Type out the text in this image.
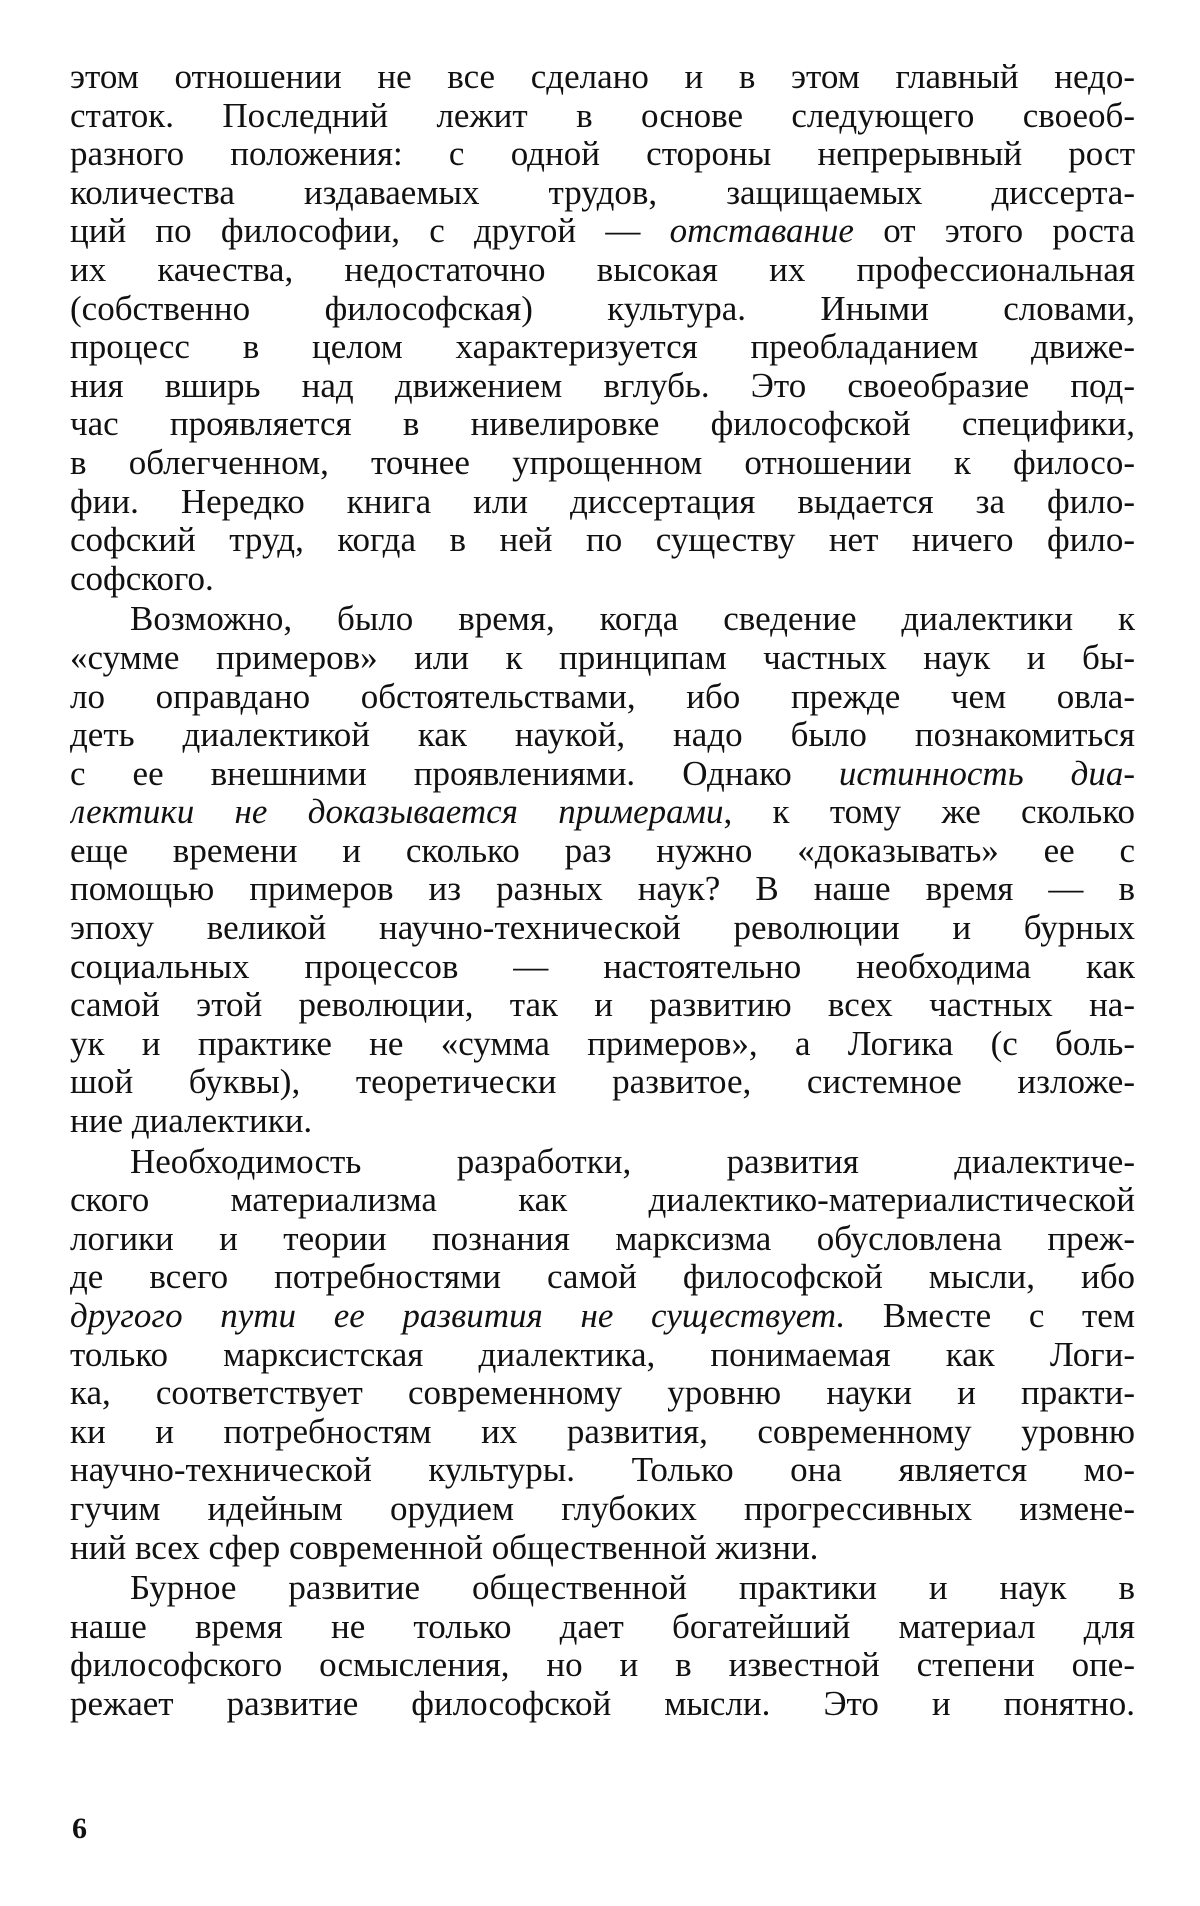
этом отношении не все сделано и в этом главный недо-
статок. Последний лежит в основе следующего своеоб-
разного положения: с одной стороны непрерывный рост
количества издаваемых трудов, защищаемых диссерта-
ций по философии, с другой — отставание от этого роста
их качества, недостаточно высокая их профессиональная
(собственно философская) культура. Иными словами,
процесс в целом характеризуется преобладанием движе-
ния вширь над движением вглубь. Это своеобразие под-
час проявляется в нивелировке философской специфики,
в облегченном, точнее упрощенном отношении к филосо-
фии. Нередко книга или диссертация выдается за фило-
софский труд, когда в ней по существу нет ничего фило-
софского.
Возможно, было время, когда сведение диалектики к
«сумме примеров» или к принципам частных наук и бы-
ло оправдано обстоятельствами, ибо прежде чем овла-
деть диалектикой как наукой, надо было познакомиться
с ее внешними проявлениями. Однако истинность диа-
лектики не доказывается примерами, к тому же сколько
еще времени и сколько раз нужно «доказывать» ее с
помощью примеров из разных наук? В наше время — в
эпоху великой научно-технической революции и бурных
социальных процессов — настоятельно необходима как
самой этой революции, так и развитию всех частных на-
ук и практике не «сумма примеров», а Логика (с боль-
шой буквы), теоретически развитое, системное изложе-
ние диалектики.
Необходимость разработки, развития диалектиче-
ского материализма как диалектико-материалистической
логики и теории познания марксизма обусловлена преж-
де всего потребностями самой философской мысли, ибо
другого пути ее развития не существует. Вместе с тем
только марксистская диалектика, понимаемая как Логи-
ка, соответствует современному уровню науки и практи-
ки и потребностям их развития, современному уровню
научно-технической культуры. Только она является мо-
гучим идейным орудием глубоких прогрессивных измене-
ний всех сфер современной общественной жизни.
Бурное развитие общественной практики и наук в
наше время не только дает богатейший материал для
философского осмысления, но и в известной степени опе-
режает развитие философской мысли. Это и понятно.
6
